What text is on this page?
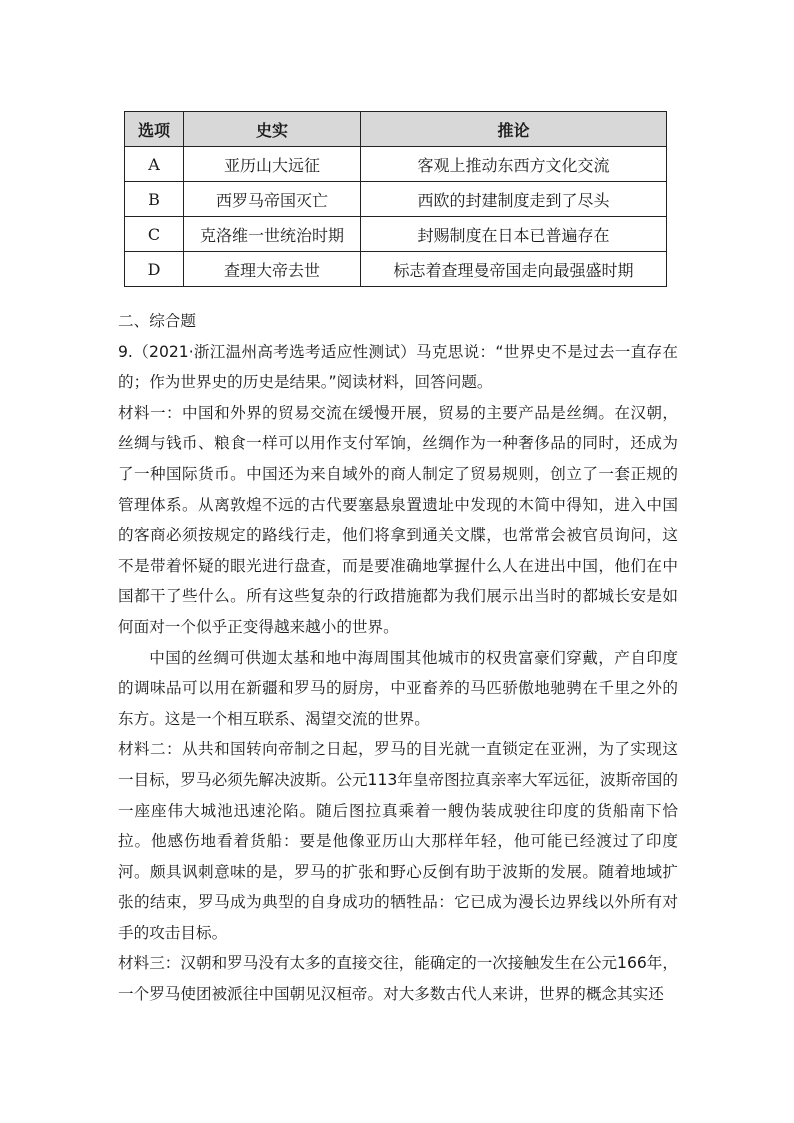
选项	史实	推论
A	亚历山大远征	客观上推动东西方文化交流
B	西罗马帝国灭亡	西欧的封建制度走到了尽头
C	克洛维一世统治时期	封赐制度在日本已普遍存在
D	查理大帝去世	标志着查理曼帝国走向最强盛时期

二、综合题

9.（2021·浙江温州高考选考适应性测试）马克思说：“世界史不是过去一直存在的；作为世界史的历史是结果。”阅读材料，回答问题。

材料一：中国和外界的贸易交流在缓慢开展，贸易的主要产品是丝绸。在汉朝，丝绸与钱币、粮食一样可以用作支付军饷，丝绸作为一种奢侈品的同时，还成为了一种国际货币。中国还为来自域外的商人制定了贸易规则，创立了一套正规的管理体系。从离敦煌不远的古代要塞悬泉置遗址中发现的木简中得知，进入中国的客商必须按规定的路线行走，他们将拿到通关文牒，也常常会被官员询问，这不是带着怀疑的眼光进行盘查，而是要准确地掌握什么人在进出中国，他们在中国都干了些什么。所有这些复杂的行政措施都为我们展示出当时的都城长安是如何面对一个似乎正变得越来越小的世界。

中国的丝绸可供迦太基和地中海周围其他城市的权贵富豪们穿戴，产自印度的调味品可以用在新疆和罗马的厨房，中亚畜养的马匹骄傲地驰骋在千里之外的东方。这是一个相互联系、渴望交流的世界。

材料二：从共和国转向帝制之日起，罗马的目光就一直锁定在亚洲，为了实现这一目标，罗马必须先解决波斯。公元113年皇帝图拉真亲率大军远征，波斯帝国的一座座伟大城池迅速沦陷。随后图拉真乘着一艘伪装成驶往印度的货船南下恰拉。他感伤地看着货船：要是他像亚历山大那样年轻，他可能已经渡过了印度河。颇具讽刺意味的是，罗马的扩张和野心反倒有助于波斯的发展。随着地域扩张的结束，罗马成为典型的自身成功的牺牲品：它已成为漫长边界线以外所有对手的攻击目标。

材料三：汉朝和罗马没有太多的直接交往，能确定的一次接触发生在公元166年，一个罗马使团被派往中国朝见汉桓帝。对大多数古代人来讲，世界的概念其实还
